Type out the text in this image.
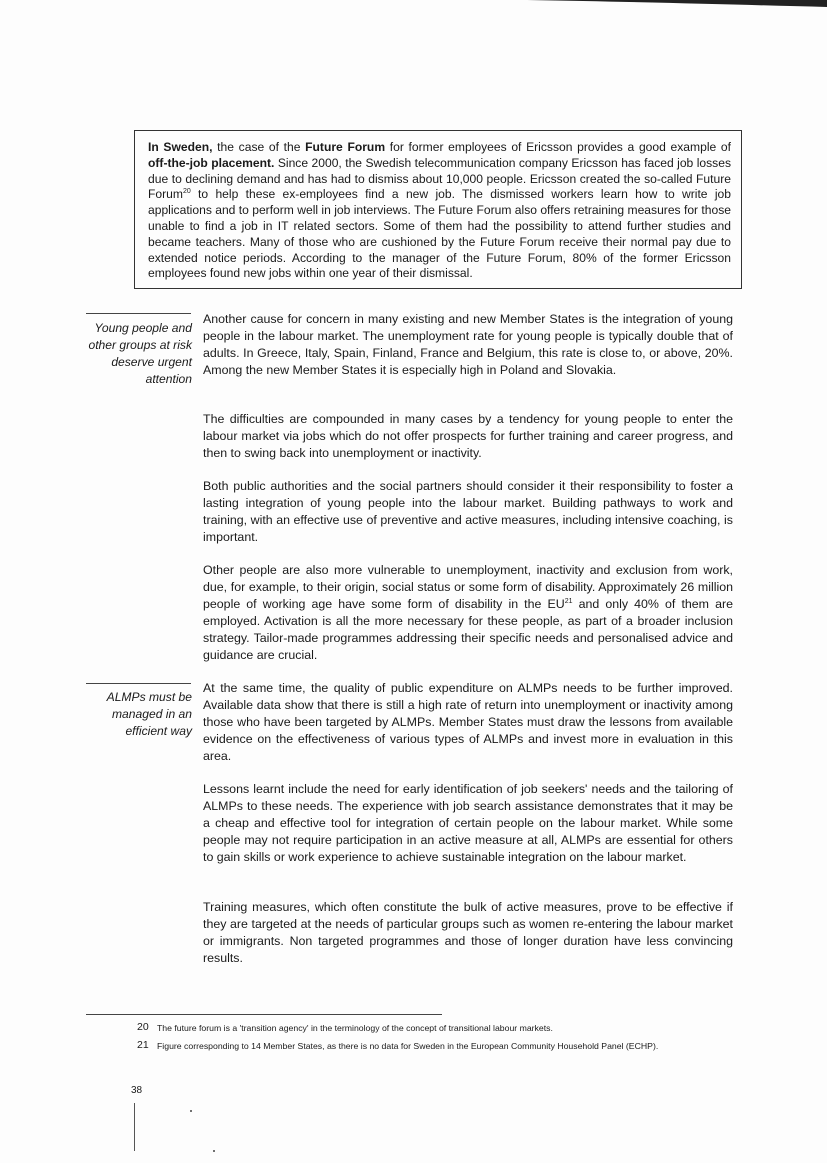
In Sweden, the case of the Future Forum for former employees of Ericsson provides a good example of off-the-job placement. Since 2000, the Swedish telecommunication company Ericsson has faced job losses due to declining demand and has had to dismiss about 10,000 people. Ericsson created the so-called Future Forum$^{20}$ to help these ex-employees find a new job. The dismissed workers learn how to write job applications and to perform well in job interviews. The Future Forum also offers retraining measures for those unable to find a job in IT related sectors. Some of them had the possibility to attend further studies and became teachers. Many of those who are cushioned by the Future Forum receive their normal pay due to extended notice periods. According to the manager of the Future Forum, 80% of the former Ericsson employees found new jobs within one year of their dismissal.
Young people and other groups at risk deserve urgent attention
ALMPs must be managed in an efficient way

Another cause for concern in many existing and new Member States is the integration of young people in the labour market. The unemployment rate for young people is typically double that of adults. In Greece, Italy, Spain, Finland, France and Belgium, this rate is close to, or above, 20%. Among the new Member States it is especially high in Poland and Slovakia.

The difficulties are compounded in many cases by a tendency for young people to enter the labour market via jobs which do not offer prospects for further training and career progress, and then to swing back into unemployment or inactivity.

Both public authorities and the social partners should consider it their responsibility to foster a lasting integration of young people into the labour market. Building pathways to work and training, with an effective use of preventive and active measures, including intensive coaching, is important.

Other people are also more vulnerable to unemployment, inactivity and exclusion from work, due, for example, to their origin, social status or some form of disability. Approximately 26 million people of working age have some form of disability in the EU$^{21}$ and only 40% of them are employed. Activation is all the more necessary for these people, as part of a broader inclusion strategy. Tailor-made programmes addressing their specific needs and personalised advice and guidance are crucial.

At the same time, the quality of public expenditure on ALMPs needs to be further improved. Available data show that there is still a high rate of return into unemployment or inactivity among those who have been targeted by ALMPs. Member States must draw the lessons from available evidence on the effectiveness of various types of ALMPs and invest more in evaluation in this area.

Lessons learnt include the need for early identification of job seekers' needs and the tailoring of ALMPs to these needs. The experience with job search assistance demonstrates that it may be a cheap and effective tool for integration of certain people on the labour market. While some people may not require participation in an active measure at all, ALMPs are essential for others to gain skills or work experience to achieve sustainable integration on the labour market.

Training measures, which often constitute the bulk of active measures, prove to be effective if they are targeted at the needs of particular groups such as women re-entering the labour market or immigrants. Non targeted programmes and those of longer duration have less convincing results.

20 The future forum is a 'transition agency' in the terminology of the concept of transitional labour markets.
21 Figure corresponding to 14 Member States, as there is no data for Sweden in the European Community Household Panel (ECHP).
38
